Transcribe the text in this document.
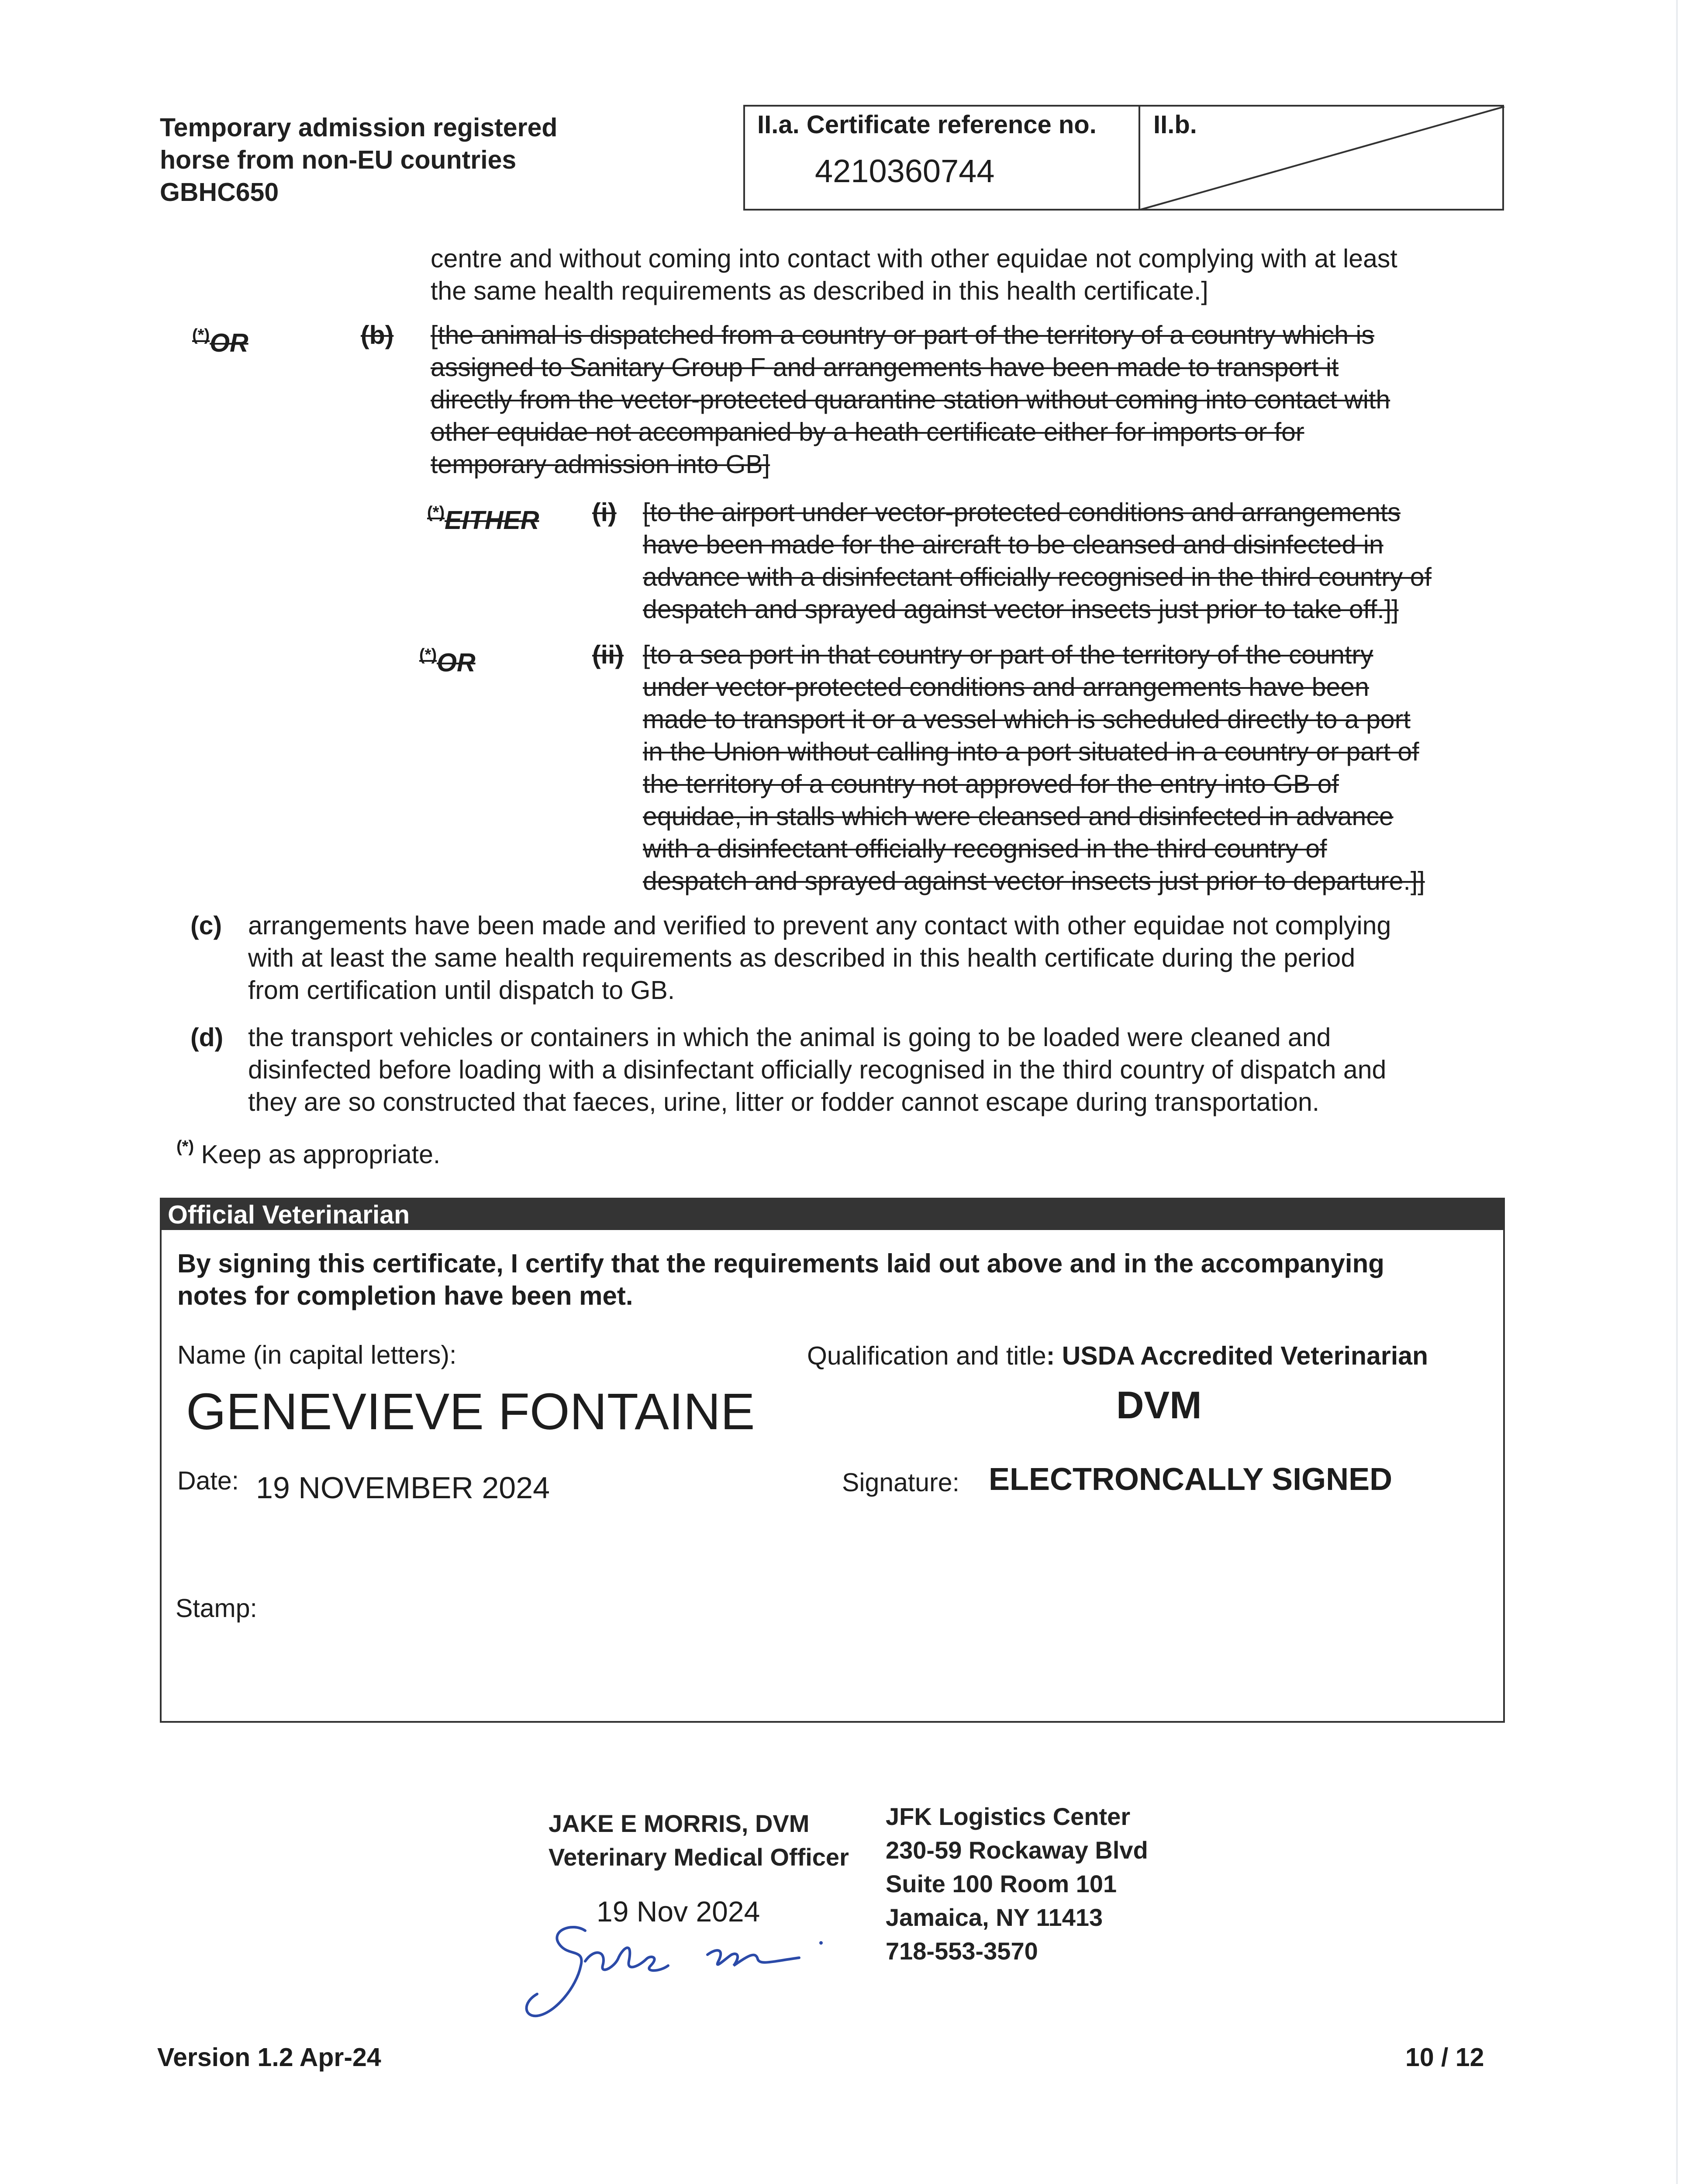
Temporary admission registered
horse from non-EU countries
GBHC650
II.a. Certificate reference no.
4210360744
II.b.
centre and without coming into contact with other equidae not complying with at least
the same health requirements as described in this health certificate.]
(*)OR	(b) [the animal is dispatched from a country or part of the territory of a country which is
assigned to Sanitary Group F and arrangements have been made to transport it
directly from the vector-protected quarantine station without coming into contact with
other equidae not accompanied by a heath certificate either for imports or for
temporary admission into GB]
(*)EITHER (i) [to the airport under vector-protected conditions and arrangements
have been made for the aircraft to be cleansed and disinfected in
advance with a disinfectant officially recognised in the third country of
despatch and sprayed against vector insects just prior to take off.]]
(*)OR	(ii) [to a sea port in that country or part of the territory of the country
under vector-protected conditions and arrangements have been
made to transport it or a vessel which is scheduled directly to a port
in the Union without calling into a port situated in a country or part of
the territory of a country not approved for the entry into GB of
equidae, in stalls which were cleansed and disinfected in advance
with a disinfectant officially recognised in the third country of
despatch and sprayed against vector insects just prior to departure.]]
(c) arrangements have been made and verified to prevent any contact with other equidae not complying
with at least the same health requirements as described in this health certificate during the period
from certification until dispatch to GB.
(d) the transport vehicles or containers in which the animal is going to be loaded were cleaned and
disinfected before loading with a disinfectant officially recognised in the third country of dispatch and
they are so constructed that faeces, urine, litter or fodder cannot escape during transportation.
(*) Keep as appropriate.
Official Veterinarian
By signing this certificate, I certify that the requirements laid out above and in the accompanying
notes for completion have been met.
Name (in capital letters):
GENEVIEVE FONTAINE
Qualification and title: USDA Accredited Veterinarian
DVM
Date: 19 NOVEMBER 2024	Signature: ELECTRONCALLY SIGNED
Stamp:
JAKE E MORRIS, DVM
Veterinary Medical Officer
19 Nov 2024
JFK Logistics Center
230-59 Rockaway Blvd
Suite 100 Room 101
Jamaica, NY 11413
718-553-3570
Version 1.2 Apr-24	10 / 12
